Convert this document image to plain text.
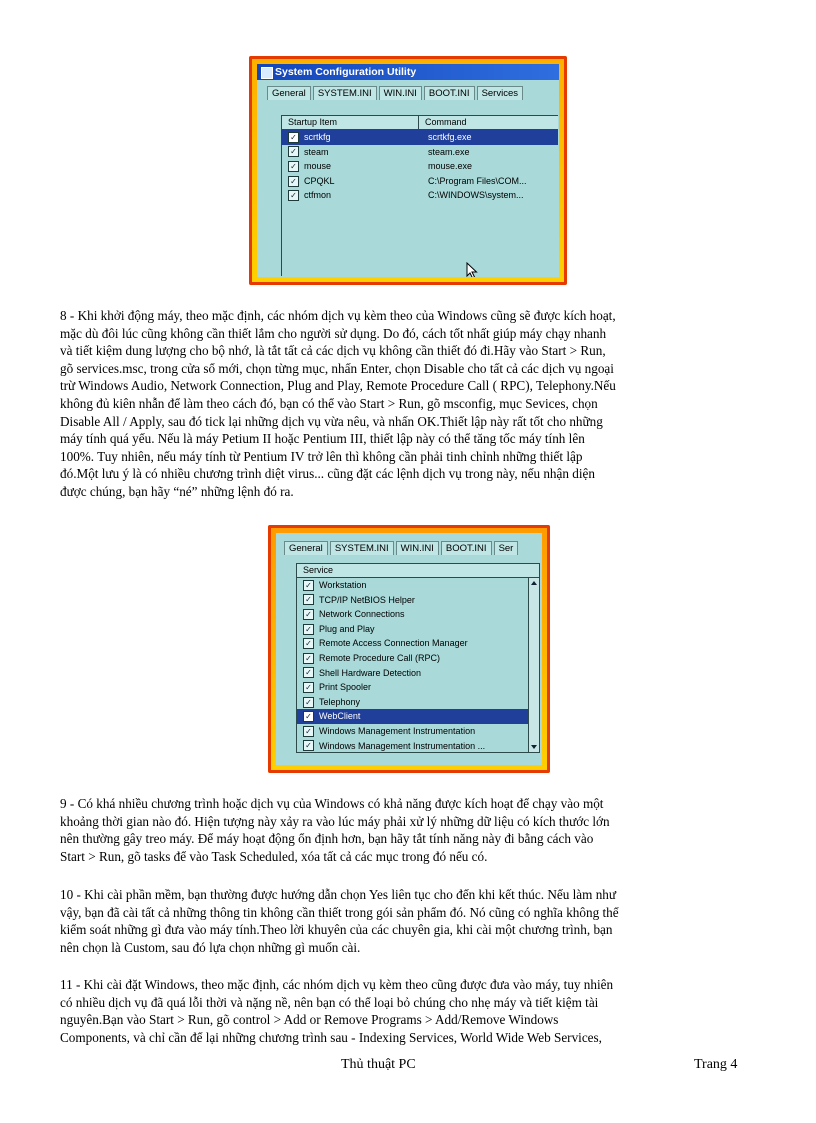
System Configuration Utility
General	SYSTEM.INI	WIN.INI	BOOT.INI	Services
Startup Item	Command
✓ scrtkfg	scrtkfg.exe
✓ steam	steam.exe
✓ mouse	mouse.exe
✓ CPQKL	C:\Program Files\COM...
✓ ctfmon	C:\WINDOWS\system...
8 - Khi khởi động máy, theo mặc định, các nhóm dịch vụ kèm theo của Windows cũng sẽ được kích hoạt,
mặc dù đôi lúc cũng không cần thiết lắm cho người sử dụng. Do đó, cách tốt nhất giúp máy chạy nhanh
và tiết kiệm dung lượng cho bộ nhớ, là tắt tất cả các dịch vụ không cần thiết đó đi.Hãy vào Start > Run,
gõ services.msc, trong cửa sổ mới, chọn từng mục, nhấn Enter, chọn Disable cho tất cả các dịch vụ ngoại
trừ Windows Audio, Network Connection, Plug and Play, Remote Procedure Call ( RPC), Telephony.Nếu
không đủ kiên nhẫn để làm theo cách đó, bạn có thể vào Start > Run, gõ msconfig, mục Sevices, chọn
Disable All / Apply, sau đó tick lại những dịch vụ vừa nêu, và nhấn OK.Thiết lập này rất tốt cho những
máy tính quá yếu. Nếu là máy Petium II hoặc Pentium III, thiết lập này có thể tăng tốc máy tính lên
100%. Tuy nhiên, nếu máy tính từ Pentium IV trở lên thì không cần phải tinh chỉnh những thiết lập
đó.Một lưu ý là có nhiều chương trình diệt virus... cũng đặt các lệnh dịch vụ trong này, nếu nhận diện
được chúng, bạn hãy “né” những lệnh đó ra.
General	SYSTEM.INI	WIN.INI	BOOT.INI	Ser
Service
✓ Workstation
✓ TCP/IP NetBIOS Helper
✓ Network Connections
✓ Plug and Play
✓ Remote Access Connection Manager
✓ Remote Procedure Call (RPC)
✓ Shell Hardware Detection
✓ Print Spooler
✓ Telephony
✓ WebClient
✓ Windows Management Instrumentation
✓ Windows Management Instrumentation ...
9 - Có khá nhiều chương trình hoặc dịch vụ của Windows có khả năng được kích hoạt để chạy vào một
khoảng thời gian nào đó. Hiện tượng này xảy ra vào lúc máy phải xử lý những dữ liệu có kích thước lớn
nên thường gây treo máy. Để máy hoạt động ổn định hơn, bạn hãy tắt tính năng này đi bằng cách vào
Start > Run, gõ tasks để vào Task Scheduled, xóa tất cả các mục trong đó nếu có.
10 - Khi cài phần mềm, bạn thường được hướng dẫn chọn Yes liên tục cho đến khi kết thúc. Nếu làm như
vậy, bạn đã cài tất cả những thông tin không cần thiết trong gói sản phẩm đó. Nó cũng có nghĩa không thể
kiểm soát những gì đưa vào máy tính.Theo lời khuyên của các chuyên gia, khi cài một chương trình, bạn
nên chọn là Custom, sau đó lựa chọn những gì muốn cài.
11 - Khi cài đặt Windows, theo mặc định, các nhóm dịch vụ kèm theo cũng được đưa vào máy, tuy nhiên
có nhiều dịch vụ đã quá lỗi thời và nặng nề, nên bạn có thể loại bỏ chúng cho nhẹ máy và tiết kiệm tài
nguyên.Bạn vào Start > Run, gõ control > Add or Remove Programs > Add/Remove Windows
Components, và chỉ cần để lại những chương trình sau - Indexing Services, World Wide Web Services,
Thủ thuật PC	Trang 4
